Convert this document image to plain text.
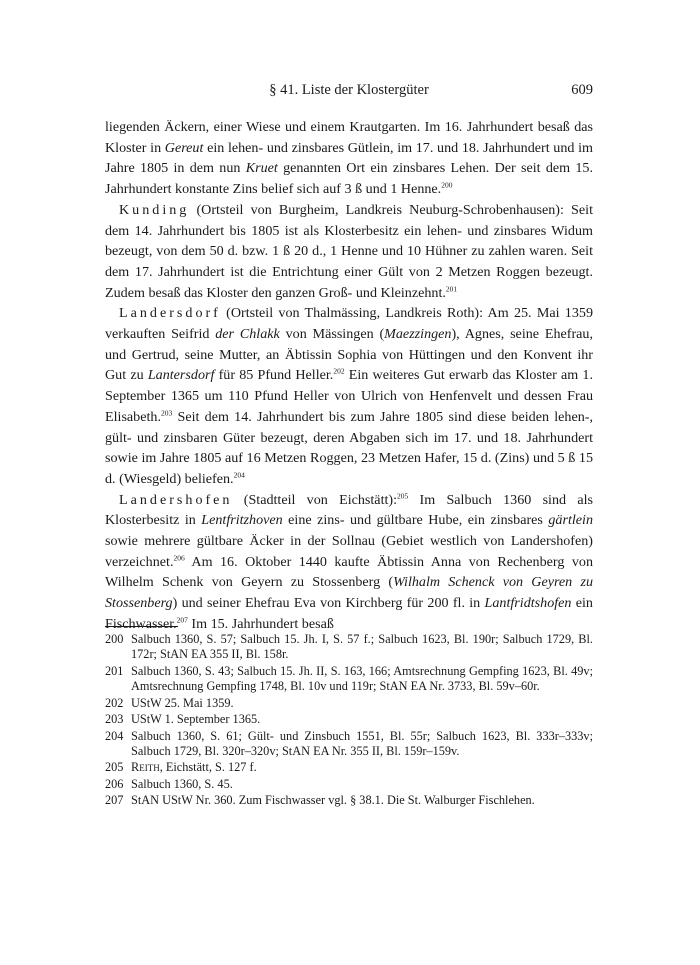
§ 41. Liste der Klostergüter	609

liegenden Äckern, einer Wiese und einem Krautgarten. Im 16. Jahrhundert besaß das Kloster in Gereut ein lehen- und zinsbares Gütlein, im 17. und 18. Jahrhundert und im Jahre 1805 in dem nun Kruet genannten Ort ein zinsbares Lehen. Der seit dem 15. Jahrhundert konstante Zins belief sich auf 3 ß und 1 Henne.$^{200}$

Kunding (Ortsteil von Burgheim, Landkreis Neuburg-Schrobenhausen): Seit dem 14. Jahrhundert bis 1805 ist als Klosterbesitz ein lehen- und zinsbares Widum bezeugt, von dem 50 d. bzw. 1 ß 20 d., 1 Henne und 10 Hühner zu zahlen waren. Seit dem 17. Jahrhundert ist die Entrichtung einer Gült von 2 Metzen Roggen bezeugt. Zudem besaß das Kloster den ganzen Groß- und Kleinzehnt.$^{201}$

Landersdorf (Ortsteil von Thalmässing, Landkreis Roth): Am 25. Mai 1359 verkauften Seifrid der Chlakk von Mässingen (Maezzingen), Agnes, seine Ehefrau, und Gertrud, seine Mutter, an Äbtissin Sophia von Hüttingen und den Konvent ihr Gut zu Lantersdorf für 85 Pfund Heller.$^{202}$ Ein weiteres Gut erwarb das Kloster am 1. September 1365 um 110 Pfund Heller von Ulrich von Henfenvelt und dessen Frau Elisabeth.$^{203}$ Seit dem 14. Jahrhundert bis zum Jahre 1805 sind diese beiden lehen-, gült- und zinsbaren Güter bezeugt, deren Abgaben sich im 17. und 18. Jahrhundert sowie im Jahre 1805 auf 16 Metzen Roggen, 23 Metzen Hafer, 15 d. (Zins) und 5 ß 15 d. (Wiesgeld) beliefen.$^{204}$

Landershofen (Stadtteil von Eichstätt):$^{205}$ Im Salbuch 1360 sind als Klosterbesitz in Lentfritzhoven eine zins- und gültbare Hube, ein zinsbares gärtlein sowie mehrere gültbare Äcker in der Sollnau (Gebiet westlich von Landershofen) verzeichnet.$^{206}$ Am 16. Oktober 1440 kaufte Äbtissin Anna von Rechenberg von Wilhelm Schenk von Geyern zu Stossenberg (Wilhalm Schenck von Geyren zu Stossenberg) und seiner Ehefrau Eva von Kirchberg für 200 fl. in Lantfridtshofen ein Fischwasser.$^{207}$ Im 15. Jahrhundert besaß

200 Salbuch 1360, S. 57; Salbuch 15. Jh. I, S. 57 f.; Salbuch 1623, Bl. 190r; Salbuch 1729, Bl. 172r; StAN EA 355 II, Bl. 158r.
201 Salbuch 1360, S. 43; Salbuch 15. Jh. II, S. 163, 166; Amtsrechnung Gempfing 1623, Bl. 49v; Amtsrechnung Gempfing 1748, Bl. 10v und 119r; StAN EA Nr. 3733, Bl. 59v–60r.
202 UStW 25. Mai 1359.
203 UStW 1. September 1365.
204 Salbuch 1360, S. 61; Gült- und Zinsbuch 1551, Bl. 55r; Salbuch 1623, Bl. 333r–333v; Salbuch 1729, Bl. 320r–320v; StAN EA Nr. 355 II, Bl. 159r–159v.
205 Reith, Eichstätt, S. 127 f.
206 Salbuch 1360, S. 45.
207 StAN UStW Nr. 360. Zum Fischwasser vgl. § 38.1. Die St. Walburger Fischlehen.
